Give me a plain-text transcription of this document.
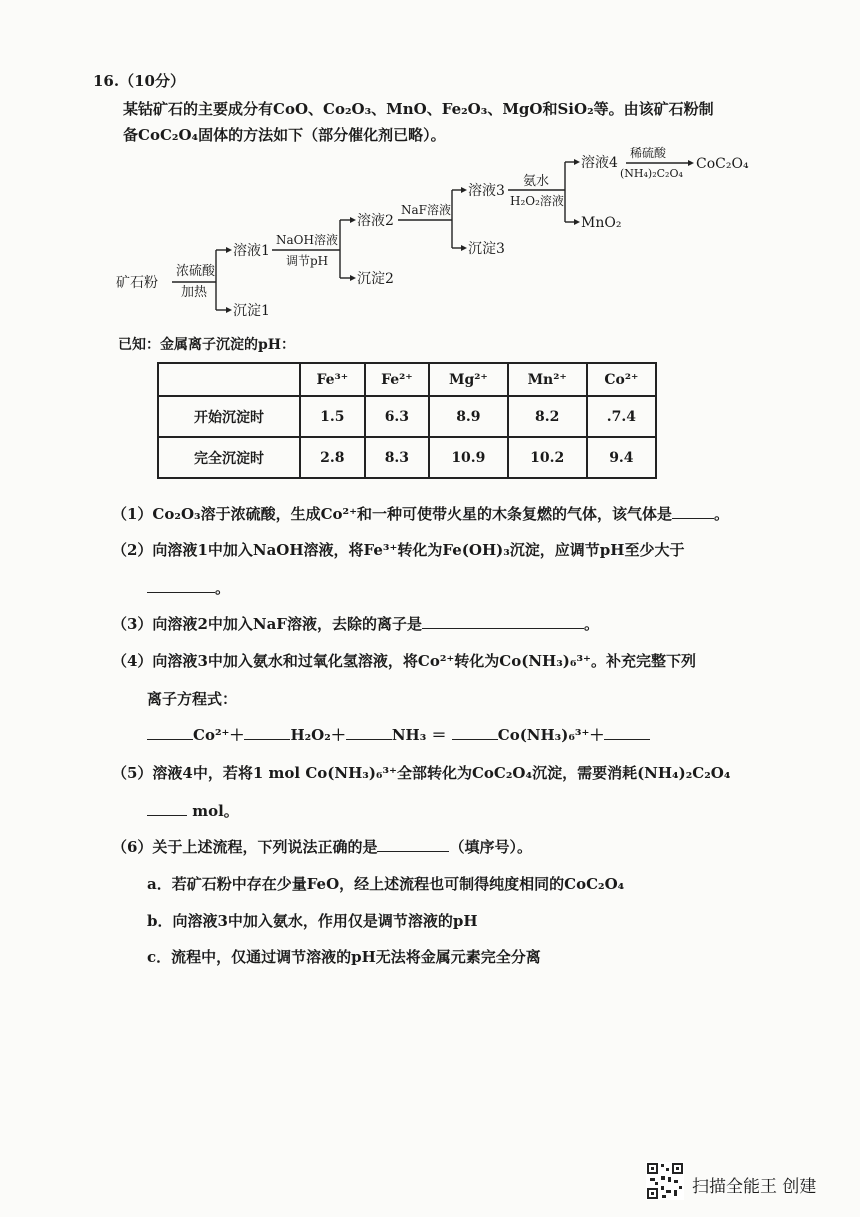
16.（10分）
某钴矿石的主要成分有CoO、Co₂O₃、MnO、Fe₂O₃、MgO和SiO₂等。由该矿石粉制
备CoC₂O₄固体的方法如下（部分催化剂已略）。
矿石粉
浓硫酸
加热
溶液1
沉淀1
NaOH溶液
调节pH
溶液2
沉淀2
NaF溶液
溶液3
沉淀3
氨水
H₂O₂溶液
溶液4
MnO₂
稀硫酸
(NH₄)₂C₂O₄
CoC₂O₄
已知：金属离子沉淀的pH：
	Fe³⁺	Fe²⁺	Mg²⁺	Mn²⁺	Co²⁺
开始沉淀时	1.5	6.3	8.9	8.2	.7.4
完全沉淀时	2.8	8.3	10.9	10.2	9.4
（1）Co₂O₃溶于浓硫酸，生成Co²⁺和一种可使带火星的木条复燃的气体，该气体是	。
（2）向溶液1中加入NaOH溶液，将Fe³⁺转化为Fe(OH)₃沉淀，应调节pH至少大于
。
（3）向溶液2中加入NaF溶液，去除的离子是	。
（4）向溶液3中加入氨水和过氧化氢溶液，将Co²⁺转化为Co(NH₃)₆³⁺。补充完整下列
离子方程式：
Co²⁺＋	H₂O₂＋	NH₃ ＝	Co(NH₃)₆³⁺＋
（5）溶液4中，若将1 mol Co(NH₃)₆³⁺全部转化为CoC₂O₄沉淀，需要消耗(NH₄)₂C₂O₄
mol。
（6）关于上述流程，下列说法正确的是	（填序号）。
a．若矿石粉中存在少量FeO，经上述流程也可制得纯度相同的CoC₂O₄
b．向溶液3中加入氨水，作用仅是调节溶液的pH
c．流程中，仅通过调节溶液的pH无法将金属元素完全分离
扫描全能王 创建
